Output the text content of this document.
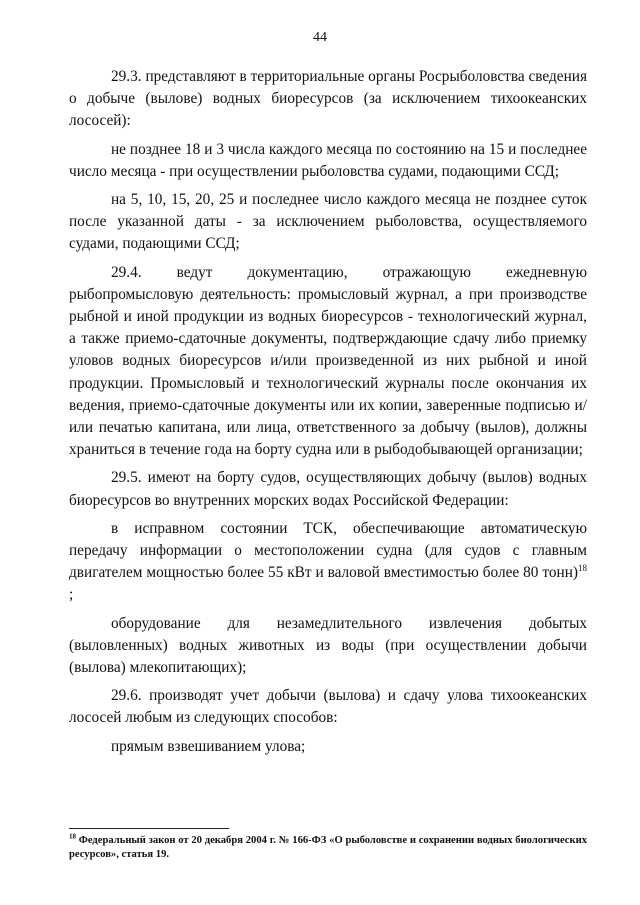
44

29.3. представляют в территориальные органы Росрыболовства сведения о добыче (вылове) водных биоресурсов (за исключением тихоокеанских лососей):

не позднее 18 и 3 числа каждого месяца по состоянию на 15 и последнее число месяца - при осуществлении рыболовства судами, подающими ССД;

на 5, 10, 15, 20, 25 и последнее число каждого месяца не позднее суток после указанной даты - за исключением рыболовства, осуществляемого судами, подающими ССД;

29.4. ведут документацию, отражающую ежедневную рыбопромысловую деятельность: промысловый журнал, а при производстве рыбной и иной продукции из водных биоресурсов - технологический журнал, а также приемо-сдаточные документы, подтверждающие сдачу либо приемку уловов водных биоресурсов и/или произведенной из них рыбной и иной продукции. Промысловый и технологический журналы после окончания их ведения, приемо-сдаточные документы или их копии, заверенные подписью и/или печатью капитана, или лица, ответственного за добычу (вылов), должны храниться в течение года на борту судна или в рыбодобывающей организации;

29.5. имеют на борту судов, осуществляющих добычу (вылов) водных биоресурсов во внутренних морских водах Российской Федерации:

в исправном состоянии ТСК, обеспечивающие автоматическую передачу информации о местоположении судна (для судов с главным двигателем мощностью более 55 кВт и валовой вместимостью более 80 тонн)$^{18}$ ;

оборудование для незамедлительного извлечения добытых (выловленных) водных животных из воды (при осуществлении добычи (вылова) млекопитающих);

29.6. производят учет добычи (вылова) и сдачу улова тихоокеанских лососей любым из следующих способов:

прямым взвешиванием улова;

$^{18}$ Федеральный закон от 20 декабря 2004 г. № 166-ФЗ «О рыболовстве и сохранении водных биологических ресурсов», статья 19.
